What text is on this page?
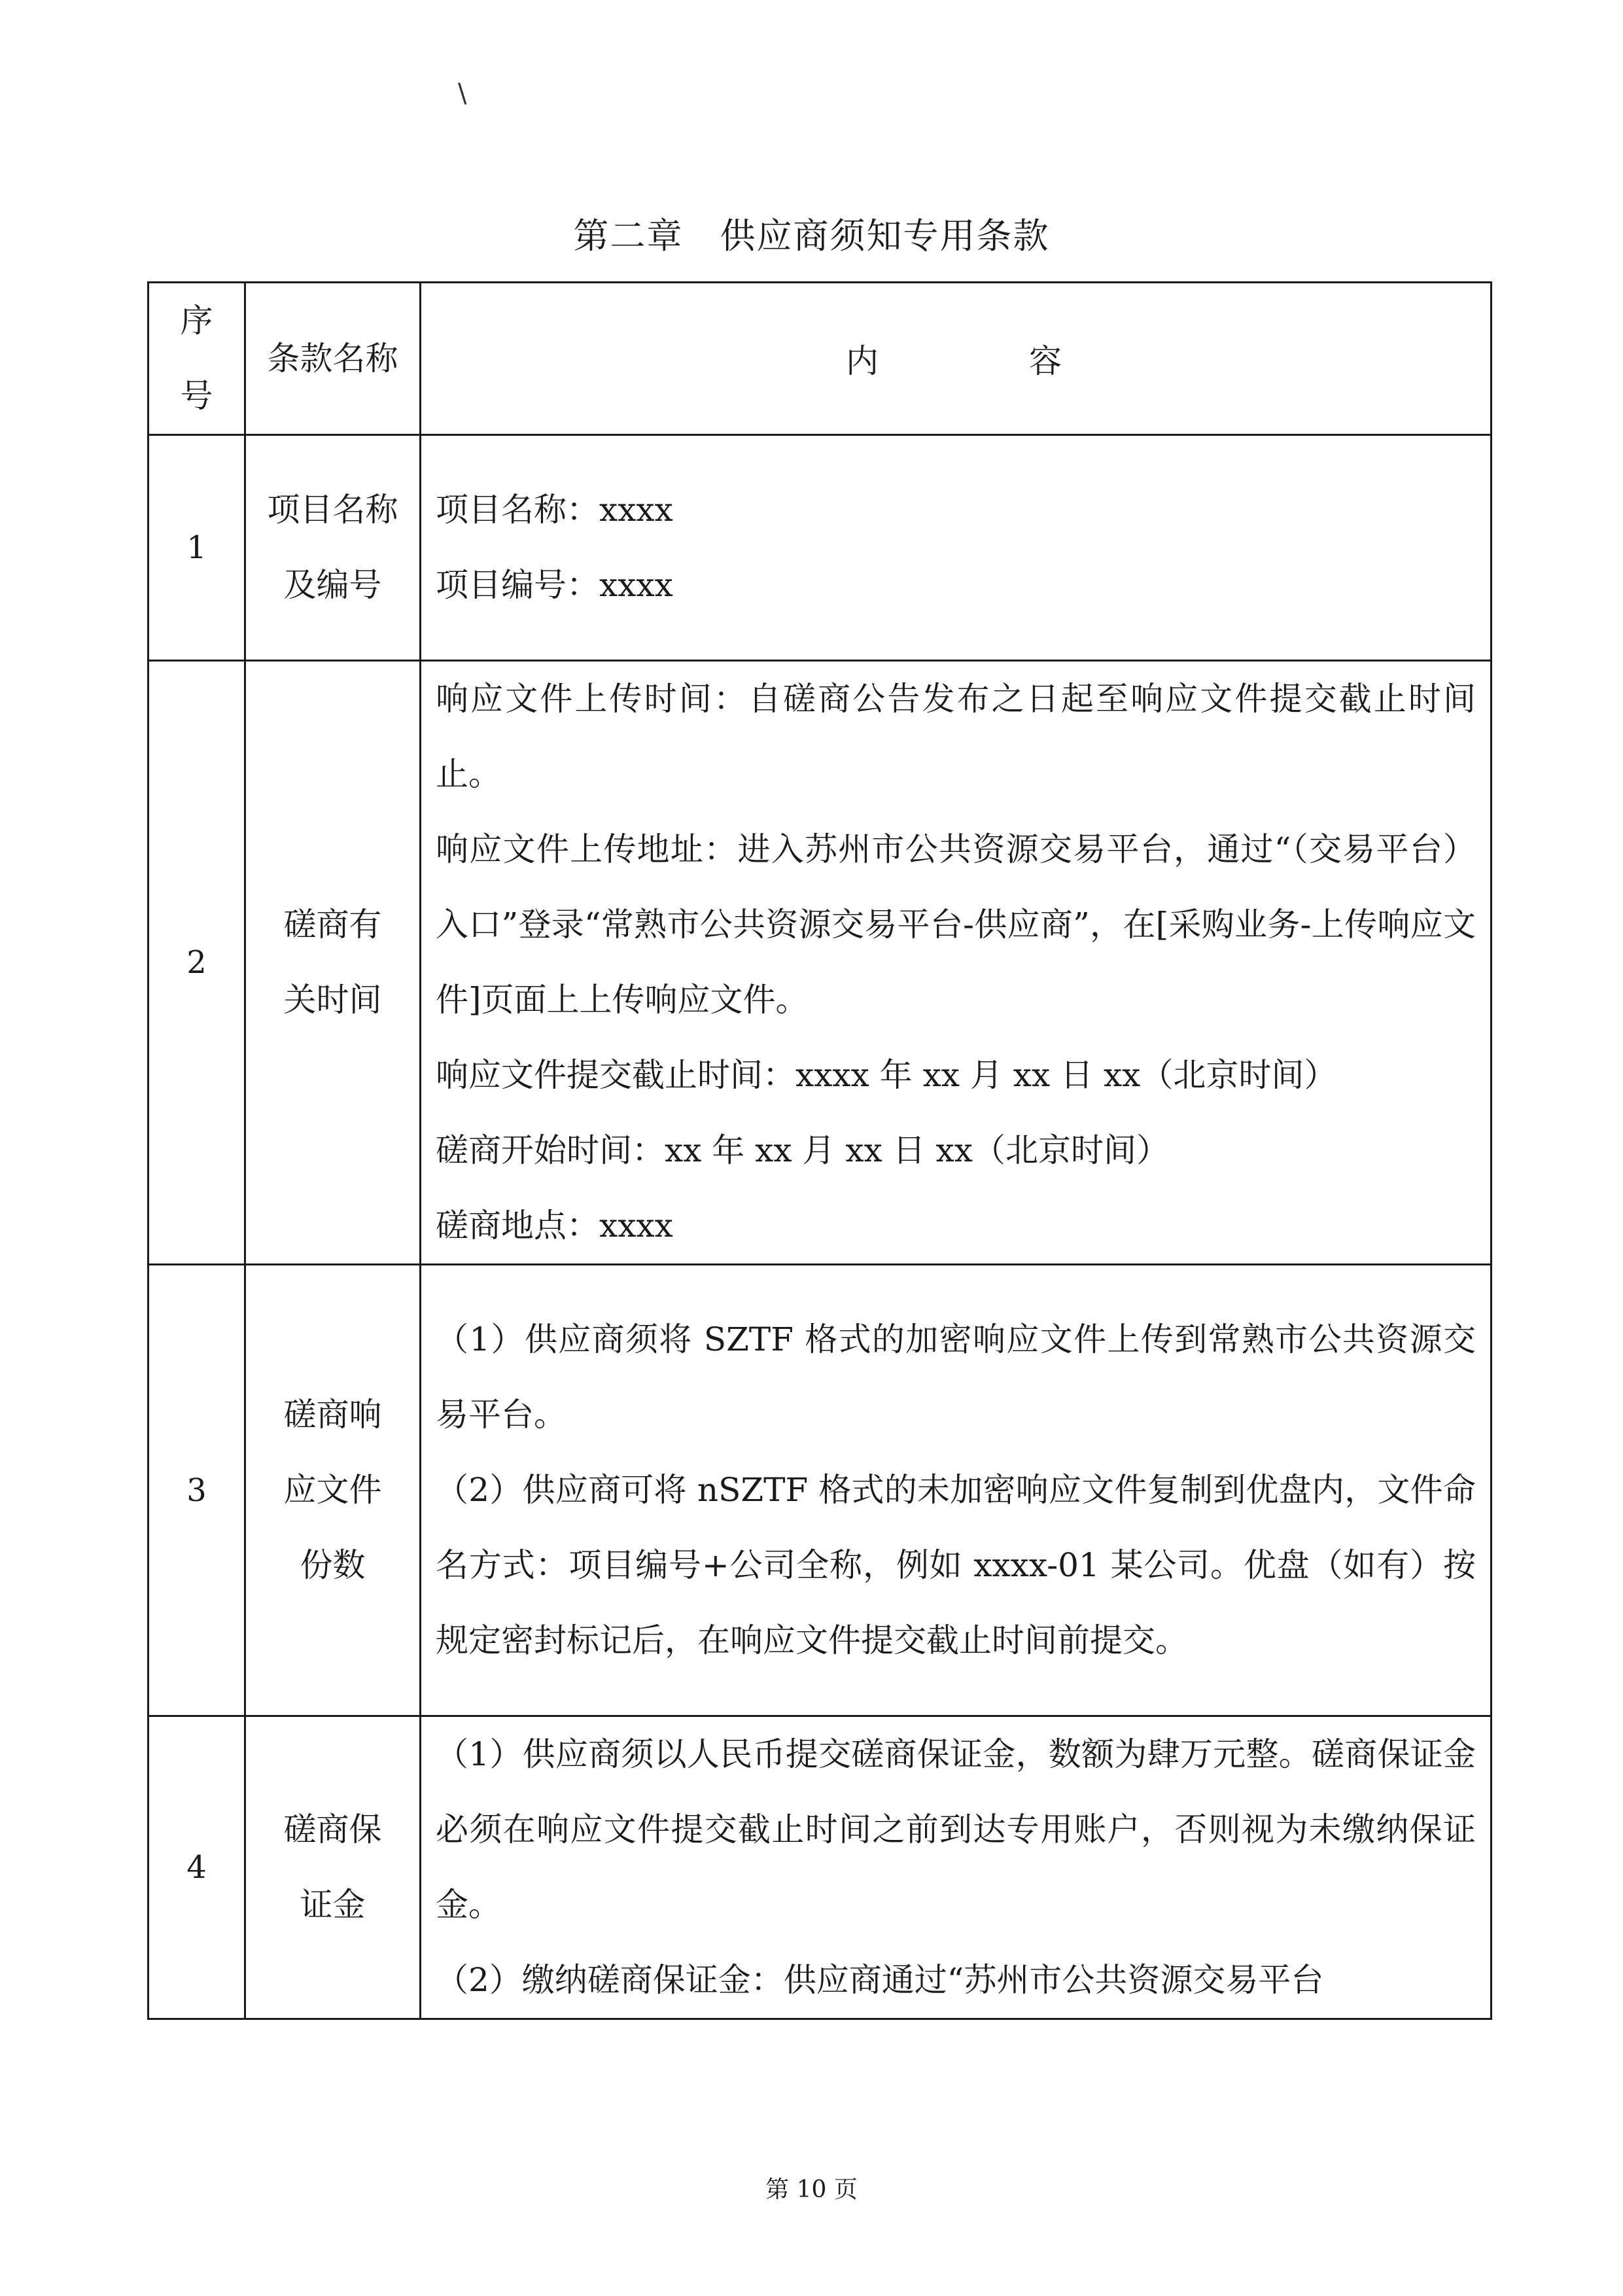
\
第二章　供应商须知专用条款
序号	条款名称	内　　　　容
1	项目名称及编号	项目名称：xxxx

项目编号：xxxx

2	磋商有关时间	响应文件上传时间：自磋商公告发布之日起至响应文件提交截止时间止。

响应文件上传地址：进入苏州市公共资源交易平台，通过“（交易平台）入口”登录“常熟市公共资源交易平台-供应商”，在[采购业务-上传响应文件]页面上上传响应文件。

响应文件提交截止时间：xxxx 年 xx 月 xx 日 xx（北京时间）

磋商开始时间：xx 年 xx 月 xx 日 xx（北京时间）

磋商地点：xxxx

3	磋商响应文件份数	（1）供应商须将 SZTF 格式的加密响应文件上传到常熟市公共资源交易平台。

（2）供应商可将 nSZTF 格式的未加密响应文件复制到优盘内，文件命名方式：项目编号+公司全称，例如 xxxx-01 某公司。优盘（如有）按规定密封标记后，在响应文件提交截止时间前提交。

4	磋商保证金	（1）供应商须以人民币提交磋商保证金，数额为肆万元整。磋商保证金必须在响应文件提交截止时间之前到达专用账户，否则视为未缴纳保证金。

（2）缴纳磋商保证金：供应商通过“苏州市公共资源交易平台

第 10 页
